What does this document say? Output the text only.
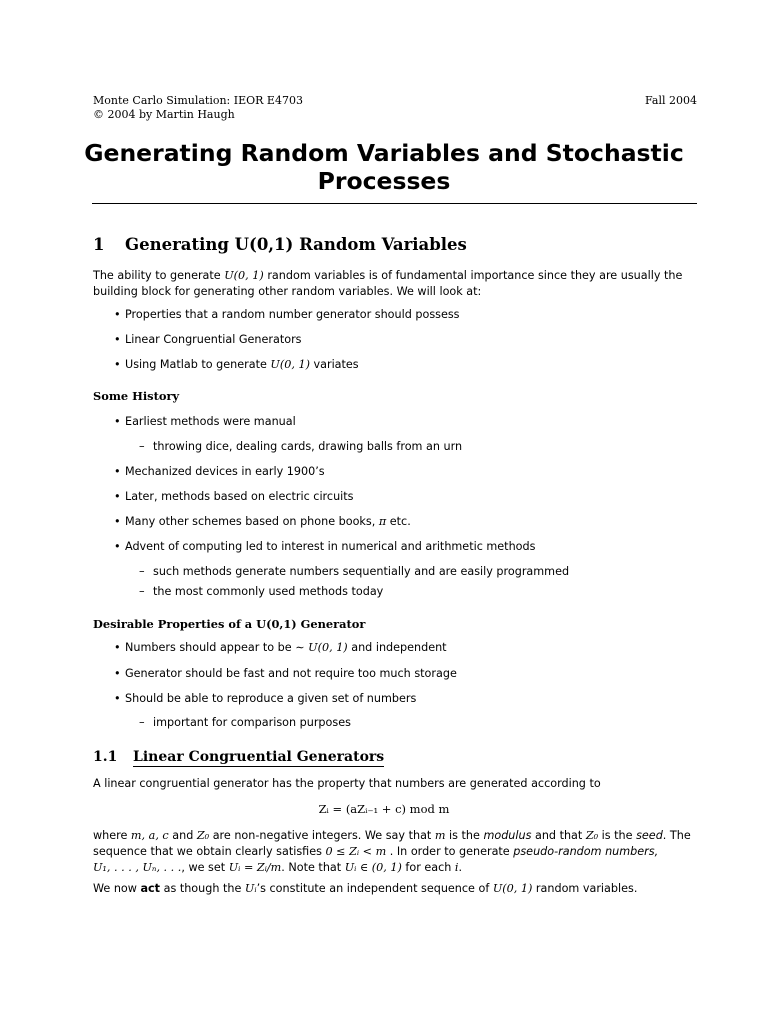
Monte Carlo Simulation: IEOR E4703
© 2004 by Martin Haugh
Fall 2004
Generating Random Variables and Stochastic Processes
1 Generating U(0,1) Random Variables

The ability to generate U(0, 1) random variables is of fundamental importance since they are usually the
building block for generating other random variables. We will look at:

• Properties that a random number generator should possess
• Linear Congruential Generators
• Using Matlab to generate U(0, 1) variates
Some History
• Earliest methods were manual
– throwing dice, dealing cards, drawing balls from an urn
• Mechanized devices in early 1900’s
• Later, methods based on electric circuits
• Many other schemes based on phone books, π etc.
• Advent of computing led to interest in numerical and arithmetic methods
– such methods generate numbers sequentially and are easily programmed
– the most commonly used methods today
Desirable Properties of a U(0,1) Generator
• Numbers should appear to be ∼ U(0, 1) and independent
• Generator should be fast and not require too much storage
• Should be able to reproduce a given set of numbers
– important for comparison purposes
1.1 Linear Congruential Generators

A linear congruential generator has the property that numbers are generated according to

Zᵢ = (aZᵢ₋₁ + c) mod m

where m, a, c and Z₀ are non-negative integers. We say that m is the modulus and that Z₀ is the seed. The
sequence that we obtain clearly satisfies 0 ≤ Zᵢ < m . In order to generate pseudo-random numbers,
U₁, . . . , Uₙ, . . ., we set Uᵢ = Zᵢ/m. Note that Uᵢ ∈ (0, 1) for each i.

We now act as though the Uᵢ’s constitute an independent sequence of U(0, 1) random variables.
